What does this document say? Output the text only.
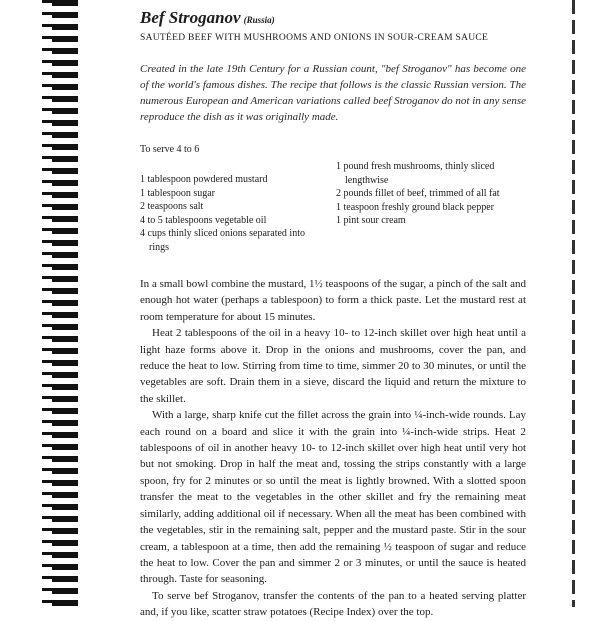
Bef Stroganov (Russia)

SAUTÉED BEEF WITH MUSHROOMS AND ONIONS IN SOUR-CREAM SAUCE

Created in the late 19th Century for a Russian count, "bef Stroganov" has become one of the world's famous dishes. The recipe that follows is the classic Russian version. The numerous European and American variations called beef Stroganov do not in any sense reproduce the dish as it was originally made.

To serve 4 to 6

1 tablespoon powdered mustard

1 tablespoon sugar

2 teaspoons salt

4 to 5 tablespoons vegetable oil

4 cups thinly sliced onions separated into rings

1 pound fresh mushrooms, thinly sliced lengthwise

2 pounds fillet of beef, trimmed of all fat

1 teaspoon freshly ground black pepper

1 pint sour cream

In a small bowl combine the mustard, 1½ teaspoons of the sugar, a pinch of the salt and enough hot water (perhaps a tablespoon) to form a thick paste. Let the mustard rest at room temperature for about 15 minutes.

Heat 2 tablespoons of the oil in a heavy 10- to 12-inch skillet over high heat until a light haze forms above it. Drop in the onions and mushrooms, cover the pan, and reduce the heat to low. Stirring from time to time, simmer 20 to 30 minutes, or until the vegetables are soft. Drain them in a sieve, discard the liquid and return the mixture to the skillet.

With a large, sharp knife cut the fillet across the grain into ¼-inch-wide rounds. Lay each round on a board and slice it with the grain into ¼-inch-wide strips. Heat 2 tablespoons of oil in another heavy 10- to 12-inch skillet over high heat until very hot but not smoking. Drop in half the meat and, tossing the strips constantly with a large spoon, fry for 2 minutes or so until the meat is lightly browned. With a slotted spoon transfer the meat to the vegetables in the other skillet and fry the remaining meat similarly, adding additional oil if necessary. When all the meat has been combined with the vegetables, stir in the remaining salt, pepper and the mustard paste. Stir in the sour cream, a tablespoon at a time, then add the remaining ½ teaspoon of sugar and reduce the heat to low. Cover the pan and simmer 2 or 3 minutes, or until the sauce is heated through. Taste for seasoning.

To serve bef Stroganov, transfer the contents of the pan to a heated serving platter and, if you like, scatter straw potatoes (Recipe Index) over the top.
